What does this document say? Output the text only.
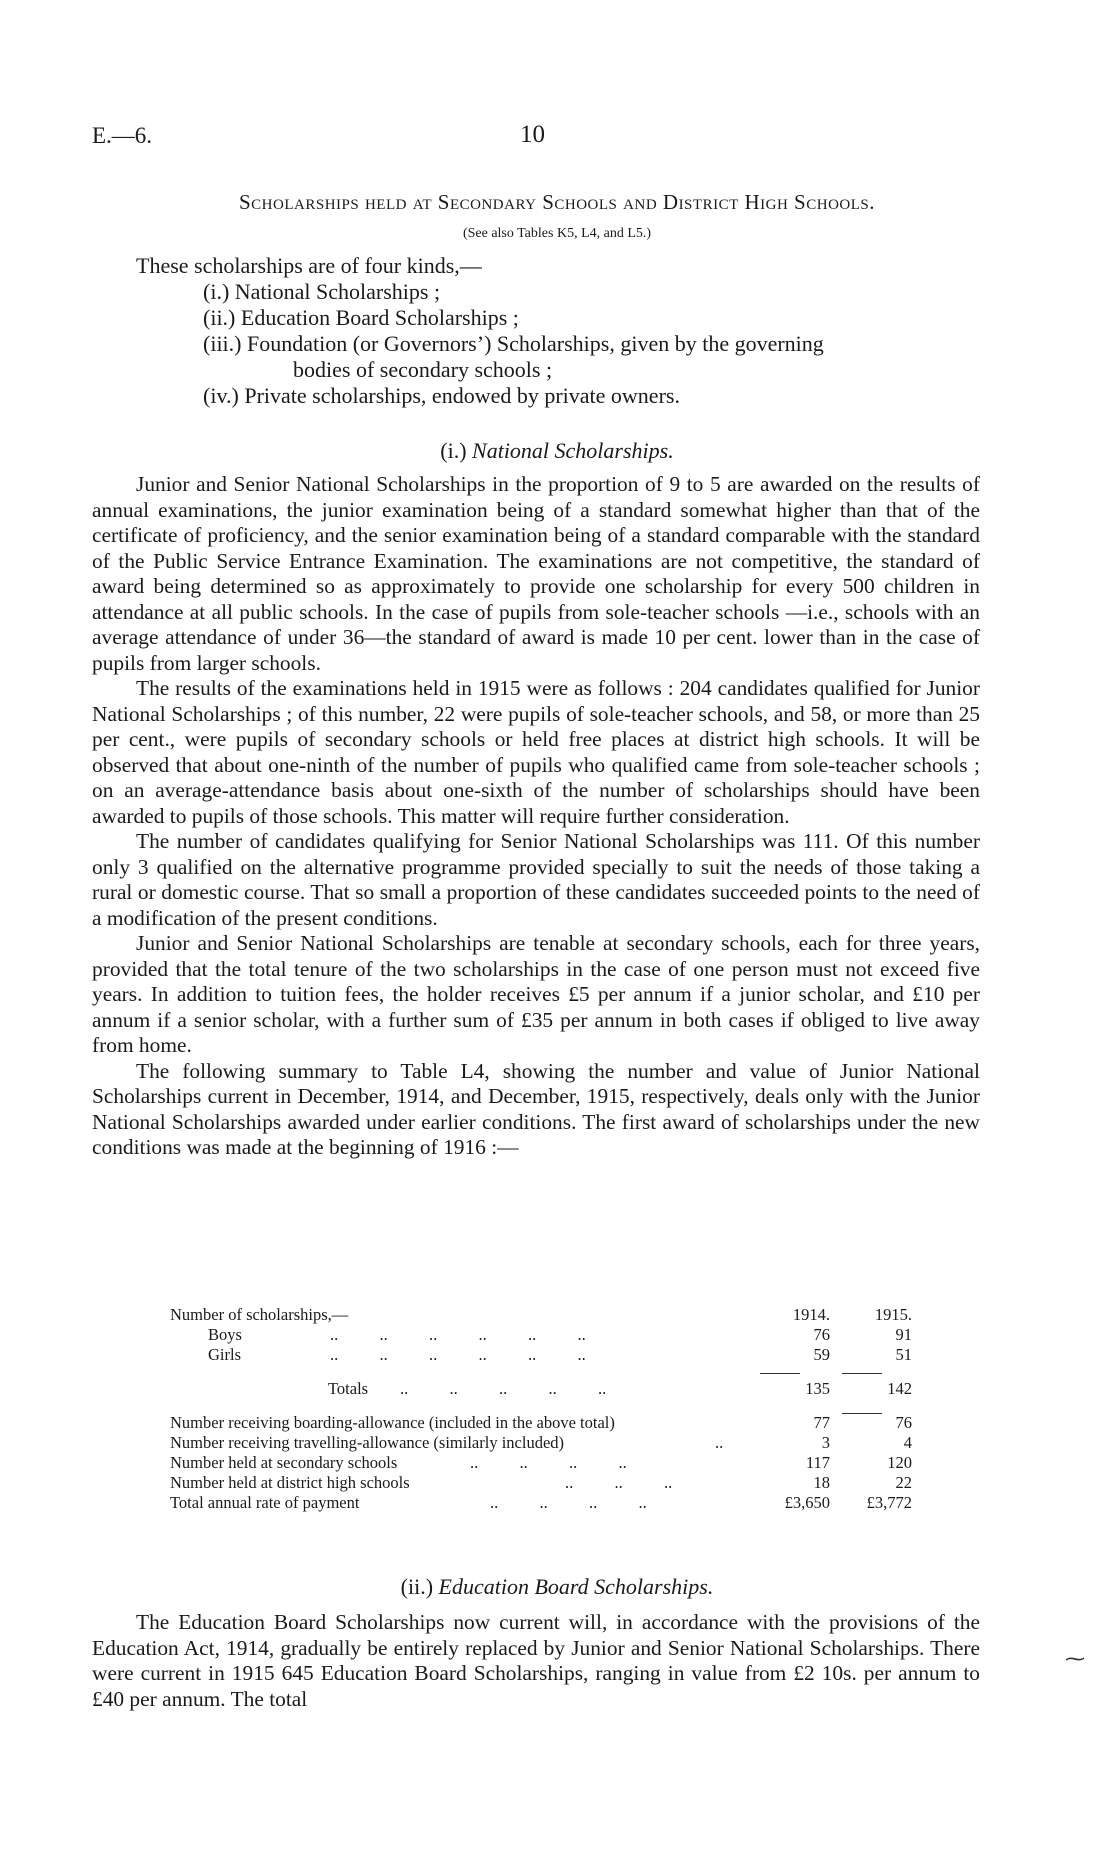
E.—6.	10
Scholarships held at Secondary Schools and District High Schools.
(See also Tables K5, L4, and L5.)
These scholarships are of four kinds,—
(i.) National Scholarships ;
(ii.) Education Board Scholarships ;
(iii.) Foundation (or Governors’) Scholarships, given by the governing
bodies of secondary schools ;
(iv.) Private scholarships, endowed by private owners.
(i.) National Scholarships.

Junior and Senior National Scholarships in the proportion of 9 to 5 are awarded on the results of annual examinations, the junior examination being of a standard somewhat higher than that of the certificate of proficiency, and the senior examination being of a standard comparable with the standard of the Public Service Entrance Examination. The examinations are not competitive, the standard of award being determined so as approximately to provide one scholarship for every 500 children in attendance at all public schools. In the case of pupils from sole-teacher schools —i.e., schools with an average attendance of under 36—the standard of award is made 10 per cent. lower than in the case of pupils from larger schools.

The results of the examinations held in 1915 were as follows : 204 candidates qualified for Junior National Scholarships ; of this number, 22 were pupils of sole-teacher schools, and 58, or more than 25 per cent., were pupils of secondary schools or held free places at district high schools. It will be observed that about one-ninth of the number of pupils who qualified came from sole-teacher schools ; on an average-attendance basis about one-sixth of the number of scholarships should have been awarded to pupils of those schools. This matter will require further consideration.

The number of candidates qualifying for Senior National Scholarships was 111. Of this number only 3 qualified on the alternative programme provided specially to suit the needs of those taking a rural or domestic course. That so small a proportion of these candidates succeeded points to the need of a modification of the present conditions.

Junior and Senior National Scholarships are tenable at secondary schools, each for three years, provided that the total tenure of the two scholarships in the case of one person must not exceed five years. In addition to tuition fees, the holder receives £5 per annum if a junior scholar, and £10 per annum if a senior scholar, with a further sum of £35 per annum in both cases if obliged to live away from home.

The following summary to Table L4, showing the number and value of Junior National Scholarships current in December, 1914, and December, 1915, respectively, deals only with the Junior National Scholarships awarded under earlier conditions. The first award of scholarships under the new conditions was made at the beginning of 1916 :—

Number of scholarships,—	1914.	1915.
Boys	..          ..          ..          ..          ..          ..	76	91
Girls	..          ..          ..          ..          ..          ..	59	51
Totals ..          ..          ..          ..          ..	135	142
Number receiving boarding-allowance (included in the above total)	77	76
Number receiving travelling-allowance (similarly included)	..	3	4
Number held at secondary schools	..          ..          ..          ..	117	120
Number held at district high schools	..          ..          ..	18	22
Total annual rate of payment	..          ..          ..          ..	£3,650 £3,772
(ii.) Education Board Scholarships.

The Education Board Scholarships now current will, in accordance with the provisions of the Education Act, 1914, gradually be entirely replaced by Junior and Senior National Scholarships. There were current in 1915 645 Education Board Scholarships, ranging in value from £2 10s. per annum to £40 per annum. The total

⁓
